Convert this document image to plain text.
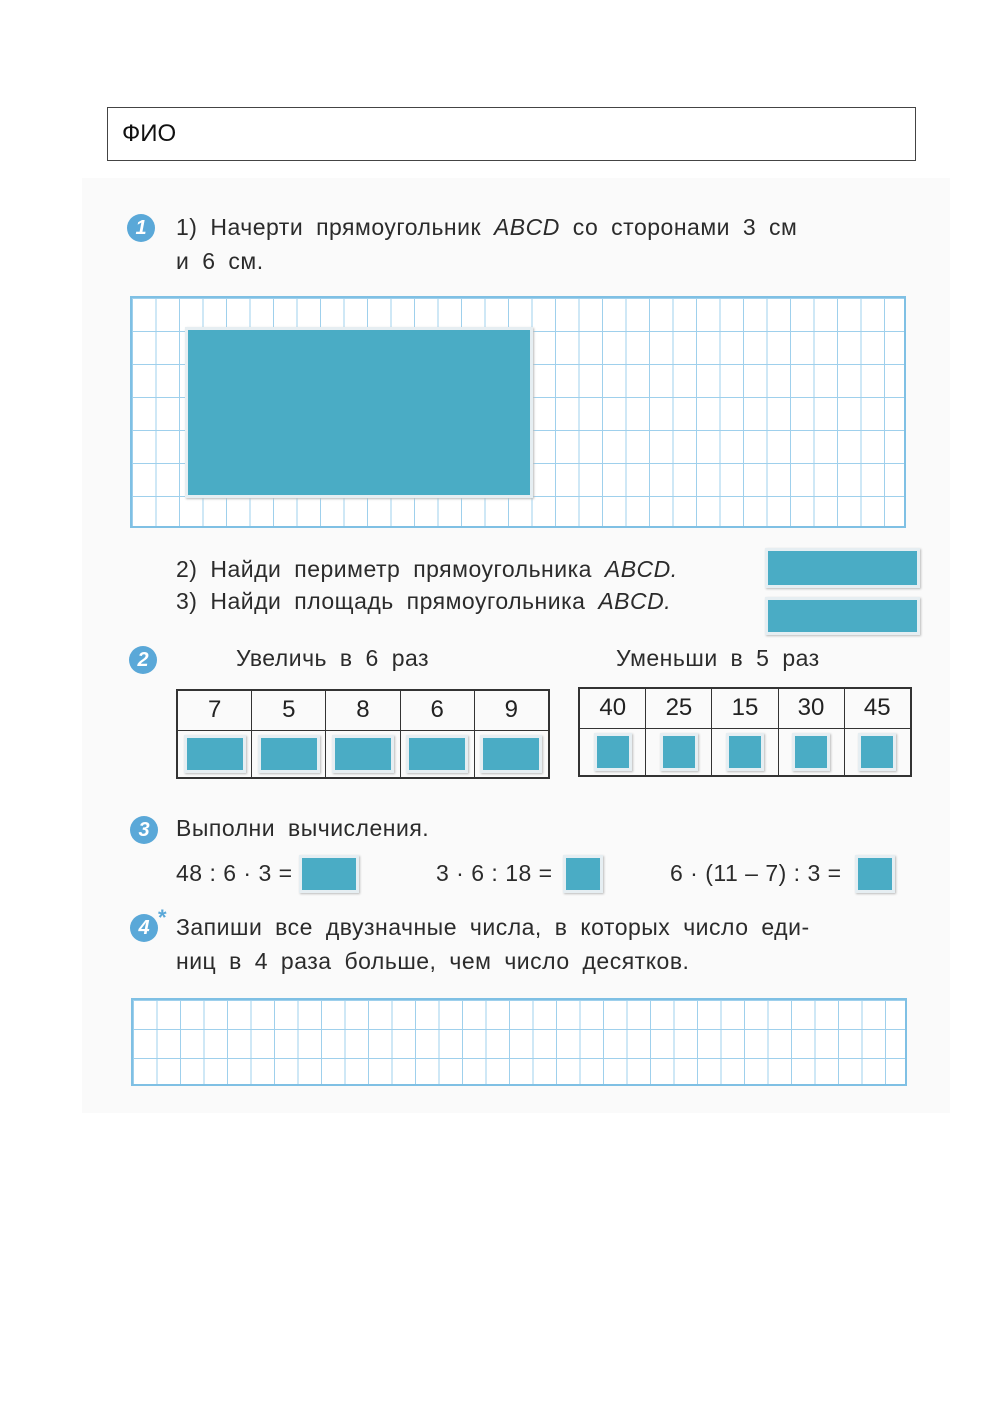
ФИО
1	1) Начерти прямоугольник ABCD со сторонами 3 см
и 6 см.
2) Найди периметр прямоугольника ABCD.
3) Найди площадь прямоугольника ABCD.
2	Увеличь в 6 раз	Уменьши в 5 раз
7	5	8	6	9

		40	25	15	30	45

3	Выполни вычисления.
48 : 6 · 3 =	3 · 6 : 18 =	6 · (11 – 7) : 3 =
4 * Запиши все двузначные числа, в которых число еди-
ниц в 4 раза больше, чем число десятков.
